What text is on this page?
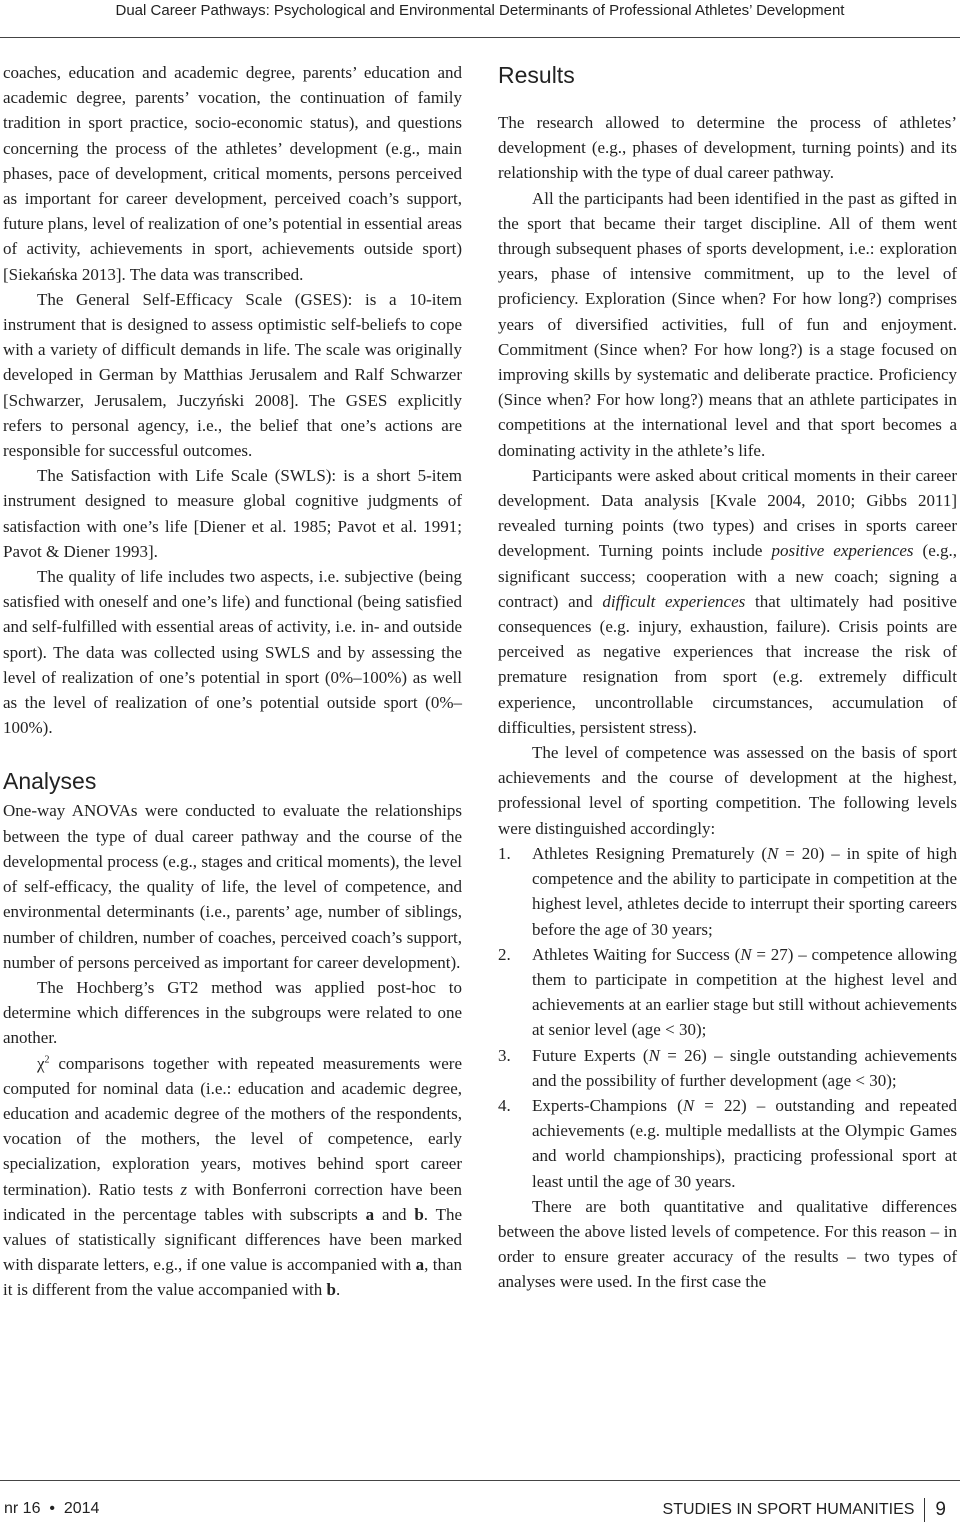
Dual Career Pathways: Psychological and Environmental Determinants of Professional Athletes’ Development

coaches, education and academic degree, parents’ education and academic degree, parents’ vocation, the continuation of family tradition in sport practice, socio-economic status), and questions concerning the process of the athletes’ development (e.g., main phases, pace of development, critical moments, persons perceived as important for career development, perceived coach’s support, future plans, level of realization of one’s potential in essential areas of activity, achievements in sport, achievements outside sport) [Siekańska 2013]. The data was transcribed.

The General Self-Efficacy Scale (GSES): is a 10-item instrument that is designed to assess optimistic self-beliefs to cope with a variety of difficult demands in life. The scale was originally developed in German by Matthias Jerusalem and Ralf Schwarzer [Schwarzer, Jerusalem, Juczyński 2008]. The GSES explicitly refers to personal agency, i.e., the belief that one’s actions are responsible for successful outcomes.

The Satisfaction with Life Scale (SWLS): is a short 5-item instrument designed to measure global cognitive judgments of satisfaction with one’s life [Diener et al. 1985; Pavot et al. 1991; Pavot & Diener 1993].

The quality of life includes two aspects, i.e. subjective (being satisfied with oneself and one’s life) and functional (being satisfied and self-fulfilled with essential areas of activity, i.e. in- and outside sport). The data was collected using SWLS and by assessing the level of realization of one’s potential in sport (0%–100%) as well as the level of realization of one’s potential outside sport (0%–100%).

Analyses

One-way ANOVAs were conducted to evaluate the relationships between the type of dual career pathway and the course of the developmental process (e.g., stages and critical moments), the level of self-efficacy, the quality of life, the level of competence, and environmental determinants (i.e., parents’ age, number of siblings, number of children, number of coaches, perceived coach’s support, number of persons perceived as important for career development).

The Hochberg’s GT2 method was applied post-hoc to determine which differences in the subgroups were related to one another.

$\chi^2$ comparisons together with repeated measurements were computed for nominal data (i.e.: education and academic degree, education and academic degree of the mothers of the respondents, vocation of the mothers, the level of competence, early specialization, exploration years, motives behind sport career termination). Ratio tests z with Bonferroni correction have been indicated in the percentage tables with subscripts a and b. The values of statistically significant differences have been marked with disparate letters, e.g., if one value is accompanied with a, than it is different from the value accompanied with b.

Results

The research allowed to determine the process of athletes’ development (e.g., phases of development, turning points) and its relationship with the type of dual career pathway.

All the participants had been identified in the past as gifted in the sport that became their target discipline. All of them went through subsequent phases of sports development, i.e.: exploration years, phase of intensive commitment, up to the level of proficiency. Exploration (Since when? For how long?) comprises years of diversified activities, full of fun and enjoyment. Commitment (Since when? For how long?) is a stage focused on improving skills by systematic and deliberate practice. Proficiency (Since when? For how long?) means that an athlete participates in competitions at the international level and that sport becomes a dominating activity in the athlete’s life.

Participants were asked about critical moments in their career development. Data analysis [Kvale 2004, 2010; Gibbs 2011] revealed turning points (two types) and crises in sports career development. Turning points include positive experiences (e.g., significant success; cooperation with a new coach; signing a contract) and difficult experiences that ultimately had positive consequences (e.g. injury, exhaustion, failure). Crisis points are perceived as negative experiences that increase the risk of premature resignation from sport (e.g. extremely difficult experience, uncontrollable circumstances, accumulation of difficulties, persistent stress).

The level of competence was assessed on the basis of sport achievements and the course of development at the highest, professional level of sporting competition. The following levels were distinguished accordingly:

1. Athletes Resigning Prematurely (N = 20) – in spite of high competence and the ability to participate in competition at the highest level, athletes decide to interrupt their sporting careers before the age of 30 years;
2. Athletes Waiting for Success (N = 27) – competence allowing them to participate in competition at the highest level and achievements at an earlier stage but still without achievements at senior level (age < 30);
3. Future Experts (N = 26) – single outstanding achievements and the possibility of further development (age < 30);
4. Experts-Champions (N = 22) – outstanding and repeated achievements (e.g. multiple medallists at the Olympic Games and world championships), practicing professional sport at least until the age of 30 years.

There are both quantitative and qualitative differences between the above listed levels of competence. For this reason – in order to ensure greater accuracy of the results – two types of analyses were used. In the first case the

nr 16  •  2014	STUDIES IN SPORT HUMANITIES 9
